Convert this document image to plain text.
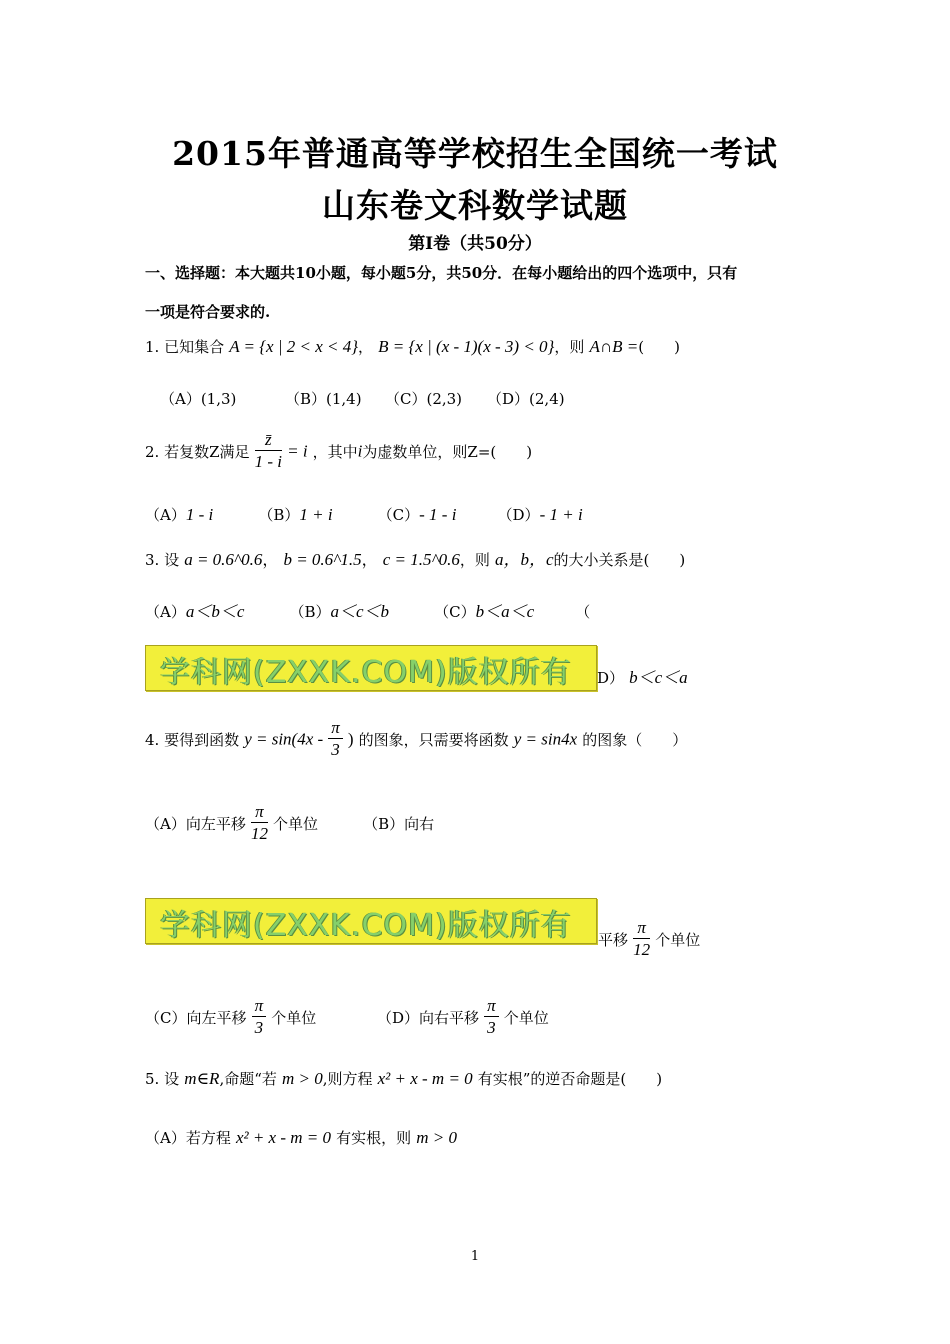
2015年普通高等学校招生全国统一考试
山东卷文科数学试题
第Ⅰ卷（共50分）
一、选择题：本大题共10小题，每小题5分，共50分．在每小题给出的四个选项中，只有
一项是符合要求的.
1. 已知集合 A = {x | 2 < x < 4}， B = {x | (x - 1)(x - 3) < 0}，则 A∩B =(　　)
（A）(1,3)	（B）(1,4) （C）(2,3) （D）(2,4)
2. 若复数Z满足 $\frac{z̄}{1 - i} = i$ ，其中i为虚数单位，则Z=(　　)
（A）1 - i	（B）1 + i	（C）- 1 - i	（D）- 1 + i
3. 设 a = 0.6^0.6， b = 0.6^1.5， c = 1.5^0.6，则 a，b，c的大小关系是(　　)
（A）a＜b＜c	（B）a＜c＜b	（C）b＜a＜c	（
学科网(ZXXK.COM)版权所有 D） b＜c＜a
4. 要得到函数 $y = \sin(4x - \frac{\pi}{3}$ ) 的图象，只需要将函数 y = sin4x 的图象（　　）
（A）向左平移 $\frac{\pi}{12}$ 个单位	（B）向右
学科网(ZXXK.COM)版权所有 平移 $\frac{\pi}{12}$ 个单位
（C）向左平移 $\frac{\pi}{3}$ 个单位	（D）向右平移 $\frac{\pi}{3}$ 个单位
5. 设 m∈R,命题“若 m > 0,则方程 x² + x - m = 0 有实根”的逆否命题是(　　)
（A）若方程 x² + x - m = 0 有实根，则 m > 0
1
